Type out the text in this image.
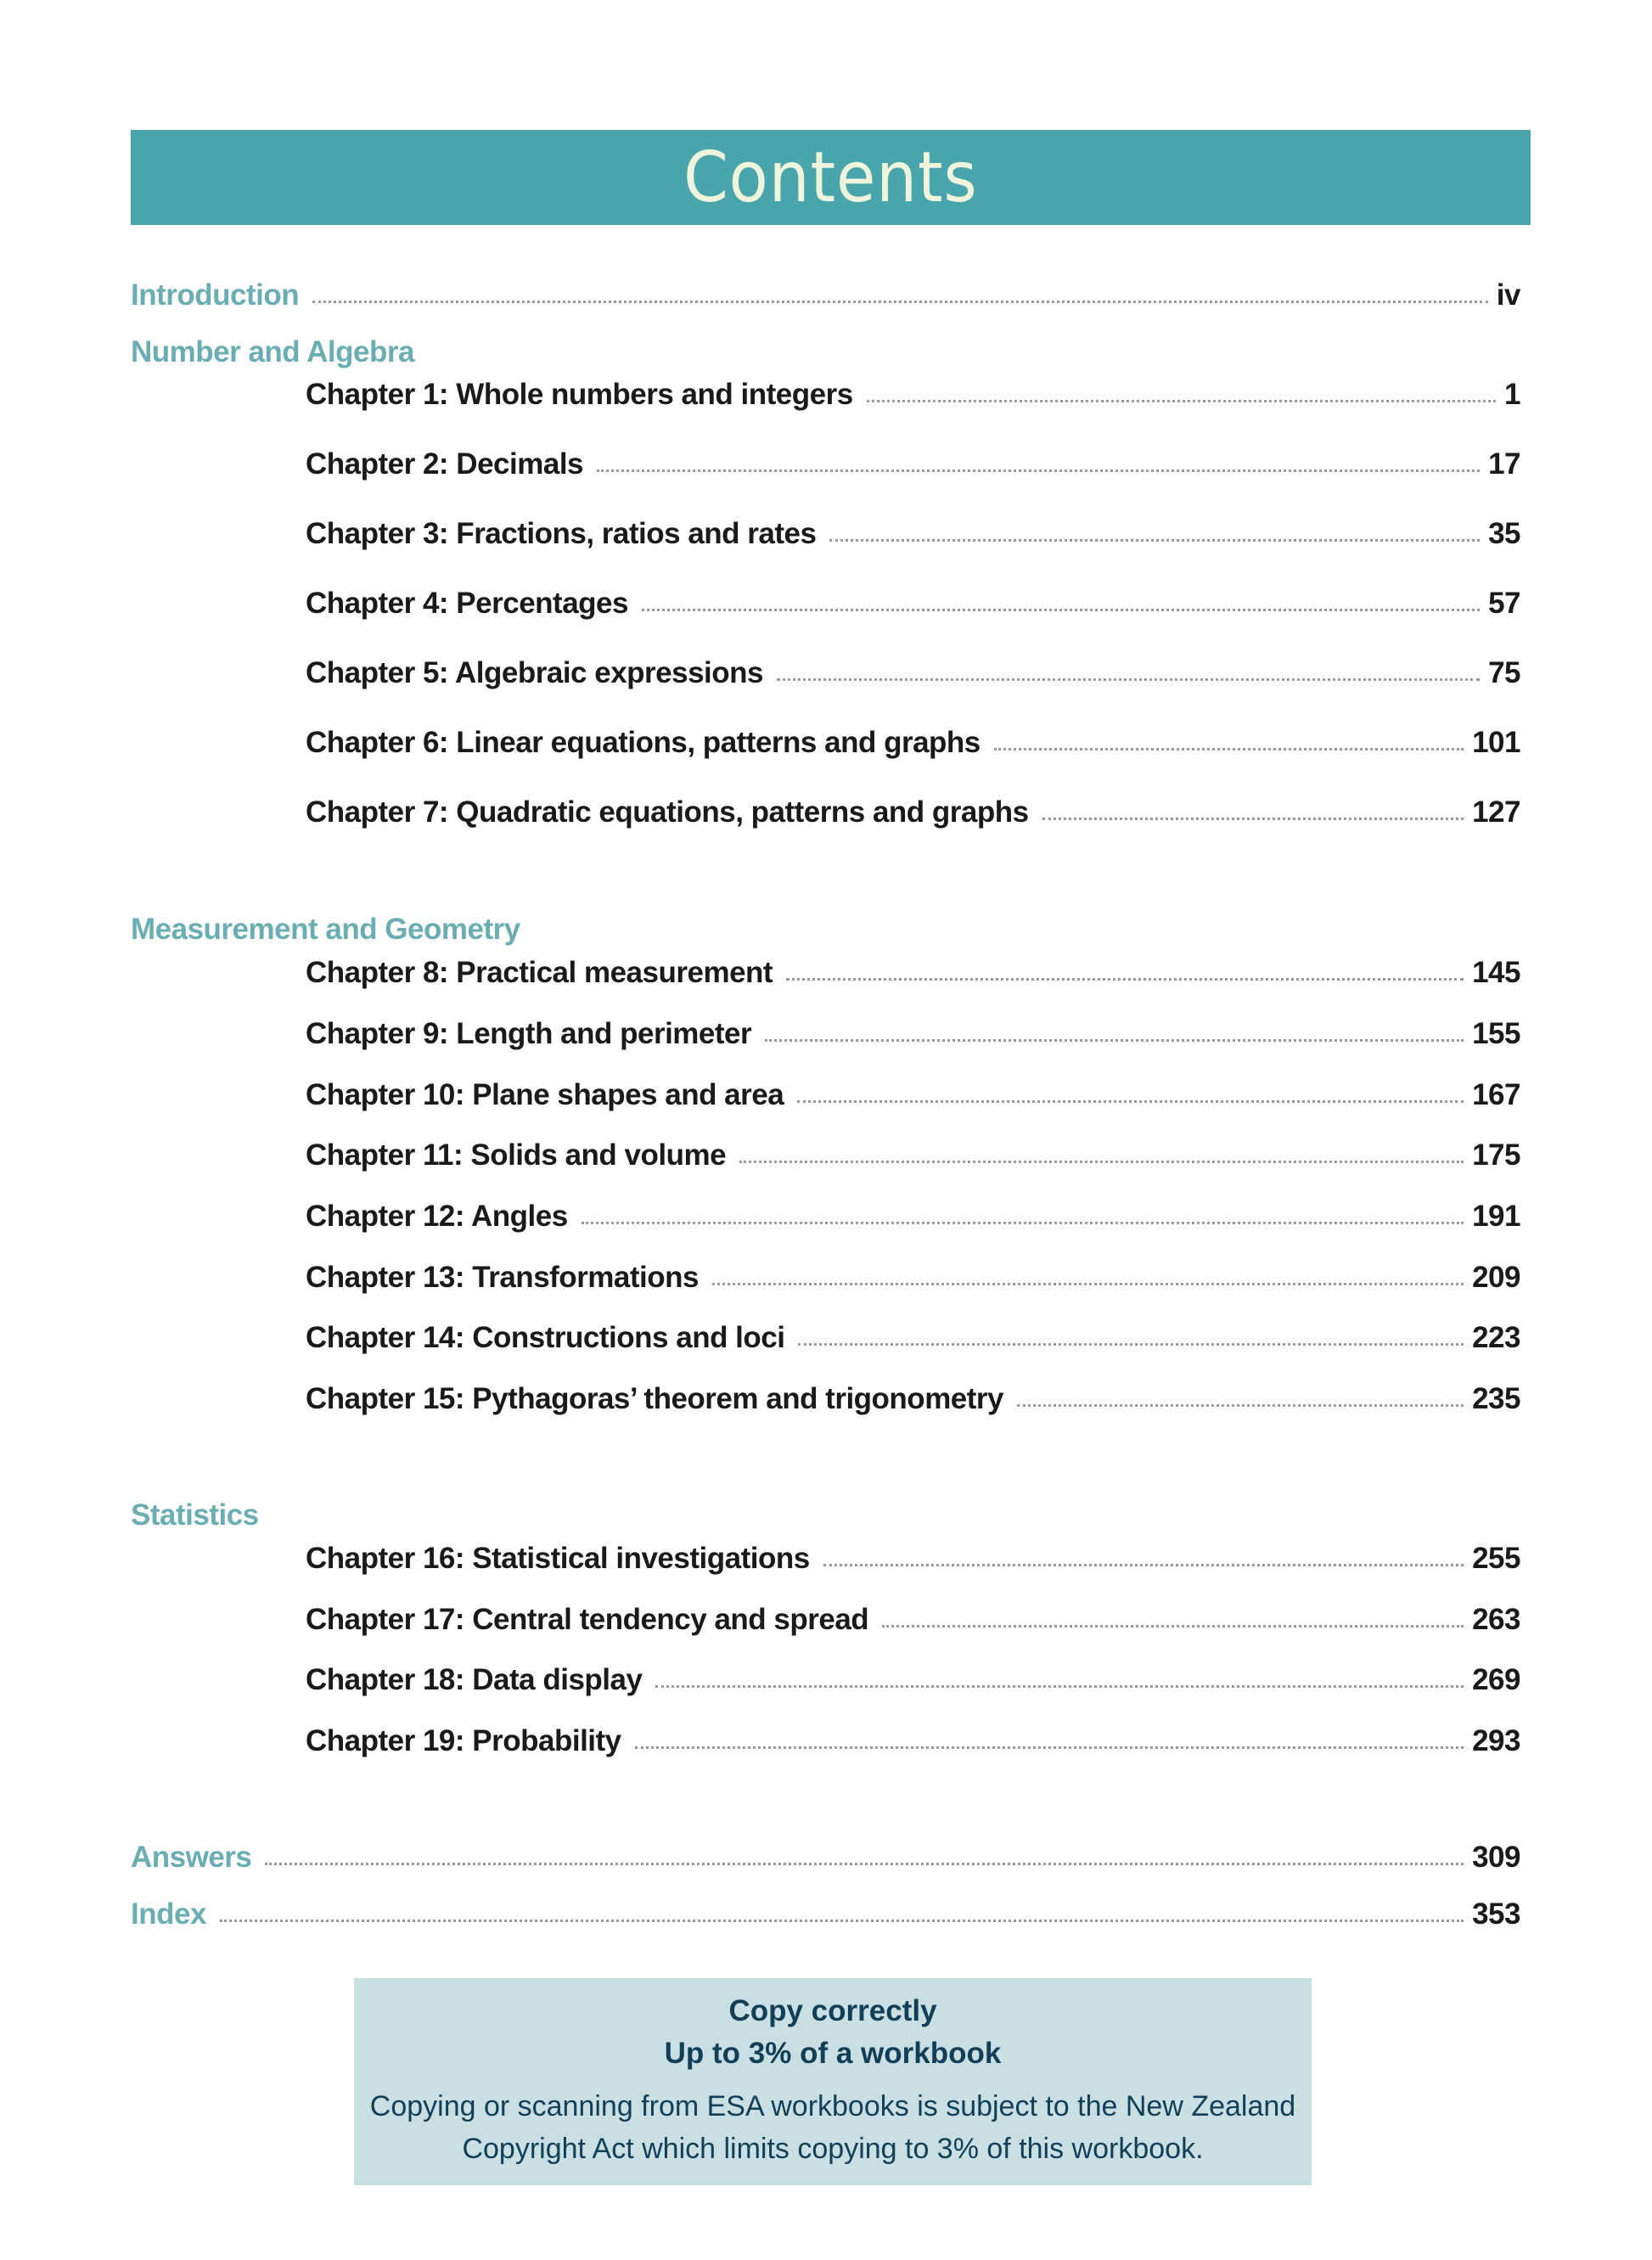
Contents
Introduction	iv
Number and Algebra
Chapter 1: Whole numbers and integers	1
Chapter 2: Decimals	17
Chapter 3: Fractions, ratios and rates	35
Chapter 4: Percentages	57
Chapter 5: Algebraic expressions	75
Chapter 6: Linear equations, patterns and graphs	101
Chapter 7: Quadratic equations, patterns and graphs	127
Measurement and Geometry
Chapter 8: Practical measurement	145
Chapter 9: Length and perimeter	155
Chapter 10: Plane shapes and area	167
Chapter 11: Solids and volume	175
Chapter 12: Angles	191
Chapter 13: Transformations	209
Chapter 14: Constructions and loci	223
Chapter 15: Pythagoras’ theorem and trigonometry	235
Statistics
Chapter 16: Statistical investigations	255
Chapter 17: Central tendency and spread	263
Chapter 18: Data display	269
Chapter 19: Probability	293
Answers	309
Index	353
Copy correctly
Up to 3% of a workbook
Copying or scanning from ESA workbooks is subject to the New Zealand
Copyright Act which limits copying to 3% of this workbook.
